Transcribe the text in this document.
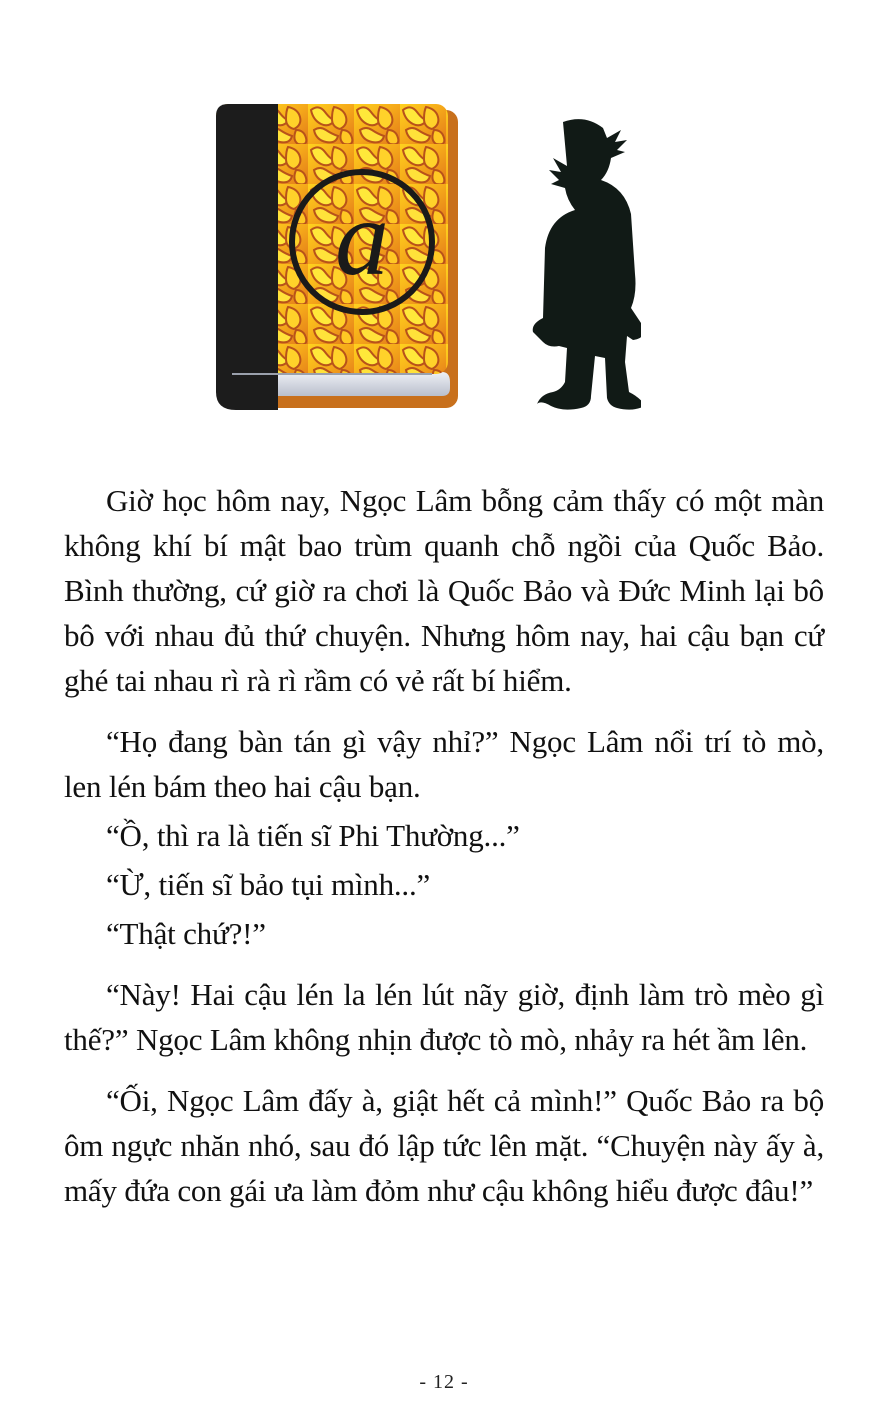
a

Giờ học hôm nay, Ngọc Lâm bỗng cảm thấy có một màn không khí bí mật bao trùm quanh chỗ ngồi của Quốc Bảo. Bình thường, cứ giờ ra chơi là Quốc Bảo và Đức Minh lại bô bô với nhau đủ thứ chuyện. Nhưng hôm nay, hai cậu bạn cứ ghé tai nhau rì rà rì rầm có vẻ rất bí hiểm.

“Họ đang bàn tán gì vậy nhỉ?” Ngọc Lâm nổi trí tò mò, len lén bám theo hai cậu bạn.

“Ồ, thì ra là tiến sĩ Phi Thường...”

“Ừ, tiến sĩ bảo tụi mình...”

“Thật chứ?!”

“Này! Hai cậu lén la lén lút nãy giờ, định làm trò mèo gì thế?” Ngọc Lâm không nhịn được tò mò, nhảy ra hét ầm lên.

“Ối, Ngọc Lâm đấy à, giật hết cả mình!” Quốc Bảo ra bộ ôm ngực nhăn nhó, sau đó lập tức lên mặt. “Chuyện này ấy à, mấy đứa con gái ưa làm đỏm như cậu không hiểu được đâu!”

- 12 -
